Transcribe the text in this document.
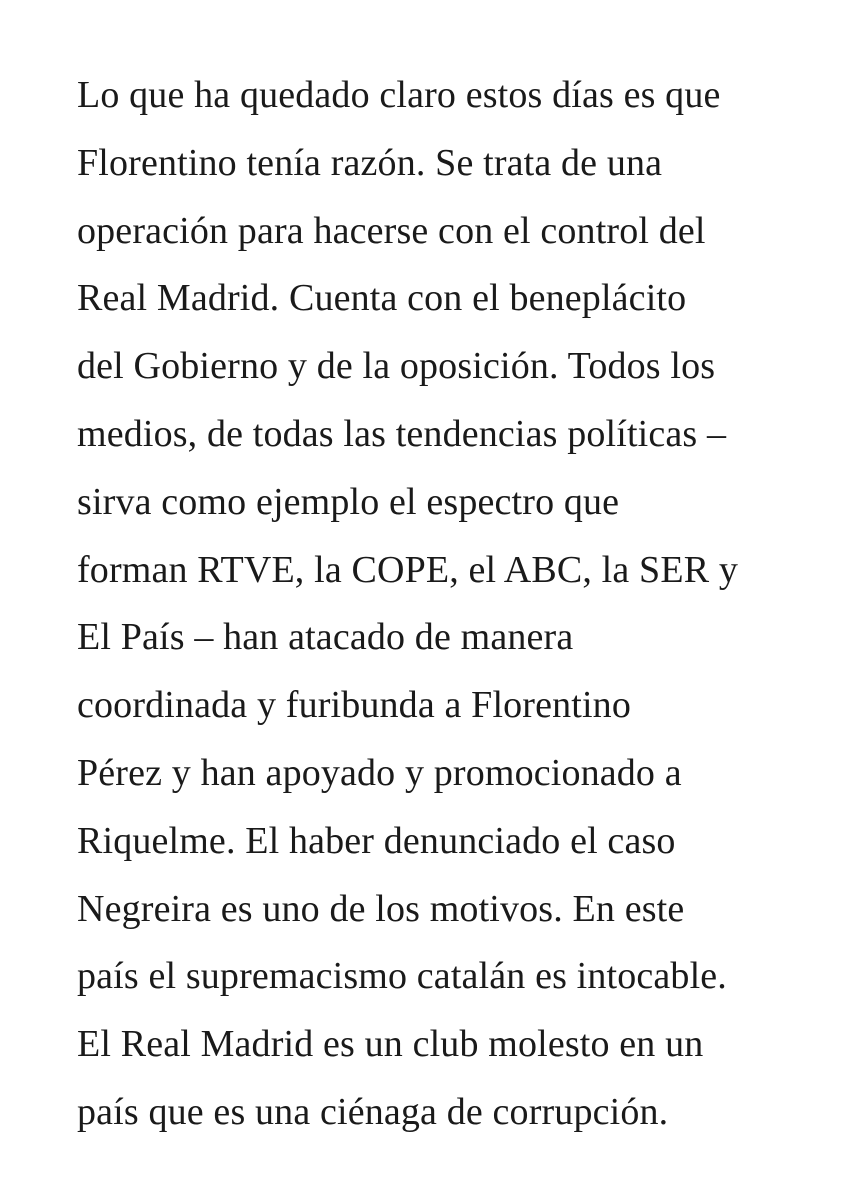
Lo que ha quedado claro estos días es que
Florentino tenía razón. Se trata de una
operación para hacerse con el control del
Real Madrid. Cuenta con el beneplácito
del Gobierno y de la oposición. Todos los
medios, de todas las tendencias políticas –
sirva como ejemplo el espectro que
forman RTVE, la COPE, el ABC, la SER y
El País – han atacado de manera
coordinada y furibunda a Florentino
Pérez y han apoyado y promocionado a
Riquelme. El haber denunciado el caso
Negreira es uno de los motivos. En este
país el supremacismo catalán es intocable.
El Real Madrid es un club molesto en un
país que es una ciénaga de corrupción.
